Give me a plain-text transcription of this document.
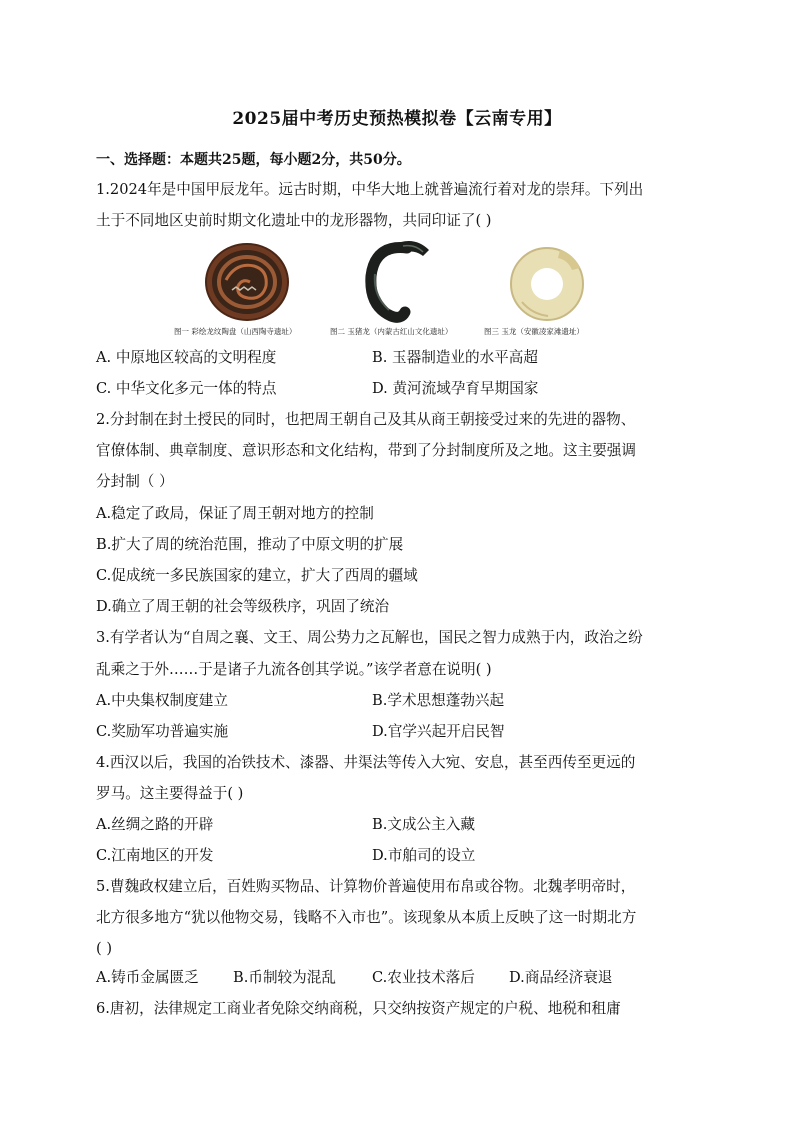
2025届中考历史预热模拟卷【云南专用】
一、选择题：本题共25题，每小题2分，共50分。
1.2024年是中国甲辰龙年。远古时期，中华大地上就普遍流行着对龙的崇拜。下列出
土于不同地区史前时期文化遗址中的龙形器物，共同印证了( )
图一 彩绘龙纹陶盘（山西陶寺遗址）	图二 玉猪龙（内蒙古红山文化遗址）	图三 玉龙（安徽凌家滩遗址）
A. 中原地区较高的文明程度	B. 玉器制造业的水平高超
C. 中华文化多元一体的特点	D. 黄河流域孕育早期国家
2.分封制在封土授民的同时，也把周王朝自己及其从商王朝接受过来的先进的器物、
官僚体制、典章制度、意识形态和文化结构，带到了分封制度所及之地。这主要强调
分封制（ ）
A.稳定了政局，保证了周王朝对地方的控制
B.扩大了周的统治范围，推动了中原文明的扩展
C.促成统一多民族国家的建立，扩大了西周的疆域
D.确立了周王朝的社会等级秩序，巩固了统治
3.有学者认为“自周之襄、文王、周公势力之瓦解也，国民之智力成熟于内，政治之纷
乱乘之于外……于是诸子九流各创其学说。”该学者意在说明( )
A.中央集权制度建立	B.学术思想蓬勃兴起
C.奖励军功普遍实施	D.官学兴起开启民智
4.西汉以后，我国的冶铁技术、漆器、井渠法等传入大宛、安息，甚至西传至更远的
罗马。这主要得益于( )
A.丝绸之路的开辟	B.文成公主入藏
C.江南地区的开发	D.市舶司的设立
5.曹魏政权建立后，百姓购买物品、计算物价普遍使用布帛或谷物。北魏孝明帝时，
北方很多地方“犹以他物交易，钱略不入市也”。该现象从本质上反映了这一时期北方
( )
A.铸币金属匮乏 B.币制较为混乱 C.农业技术落后 D.商品经济衰退
6.唐初，法律规定工商业者免除交纳商税，只交纳按资产规定的户税、地税和租庸
